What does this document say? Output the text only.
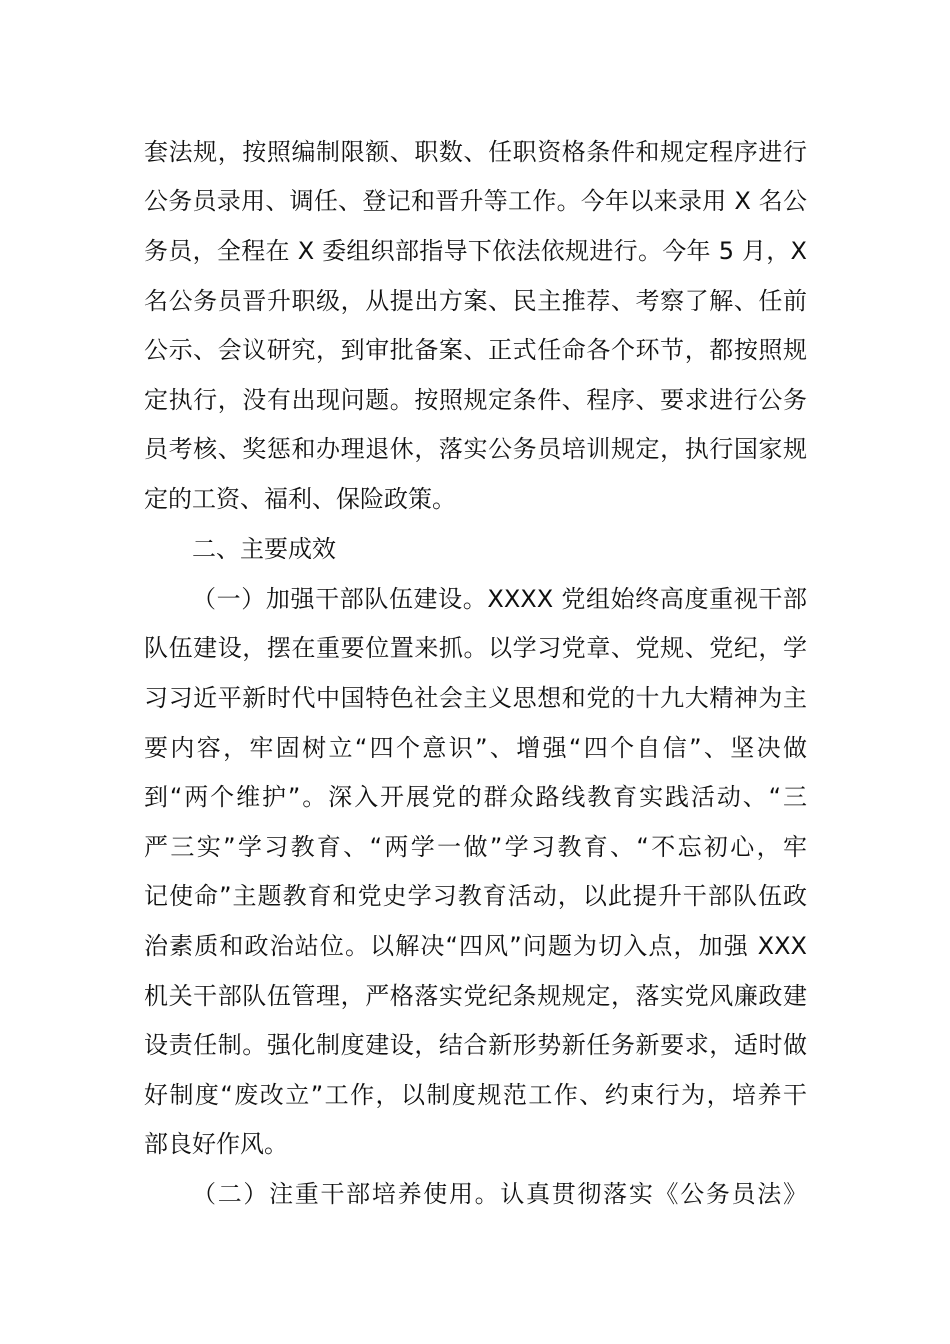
套法规，按照编制限额、职数、任职资格条件和规定程序进行
公务员录用、调任、登记和晋升等工作。今年以来录用 X 名公
务员，全程在 X 委组织部指导下依法依规进行。今年 5 月，X
名公务员晋升职级，从提出方案、民主推荐、考察了解、任前
公示、会议研究，到审批备案、正式任命各个环节，都按照规
定执行，没有出现问题。按照规定条件、程序、要求进行公务
员考核、奖惩和办理退休，落实公务员培训规定，执行国家规
定的工资、福利、保险政策。
二、主要成效
（一）加强干部队伍建设。XXXX 党组始终高度重视干部
队伍建设，摆在重要位置来抓。以学习党章、党规、党纪，学
习习近平新时代中国特色社会主义思想和党的十九大精神为主
要内容，牢固树立“四个意识”、增强“四个自信”、坚决做
到“两个维护”。深入开展党的群众路线教育实践活动、“三
严三实”学习教育、“两学一做”学习教育、“不忘初心，牢
记使命”主题教育和党史学习教育活动，以此提升干部队伍政
治素质和政治站位。以解决“四风”问题为切入点，加强 XXX
机关干部队伍管理，严格落实党纪条规规定，落实党风廉政建
设责任制。强化制度建设，结合新形势新任务新要求，适时做
好制度“废改立”工作，以制度规范工作、约束行为，培养干
部良好作风。
（二）注重干部培养使用。认真贯彻落实《公务员法》
